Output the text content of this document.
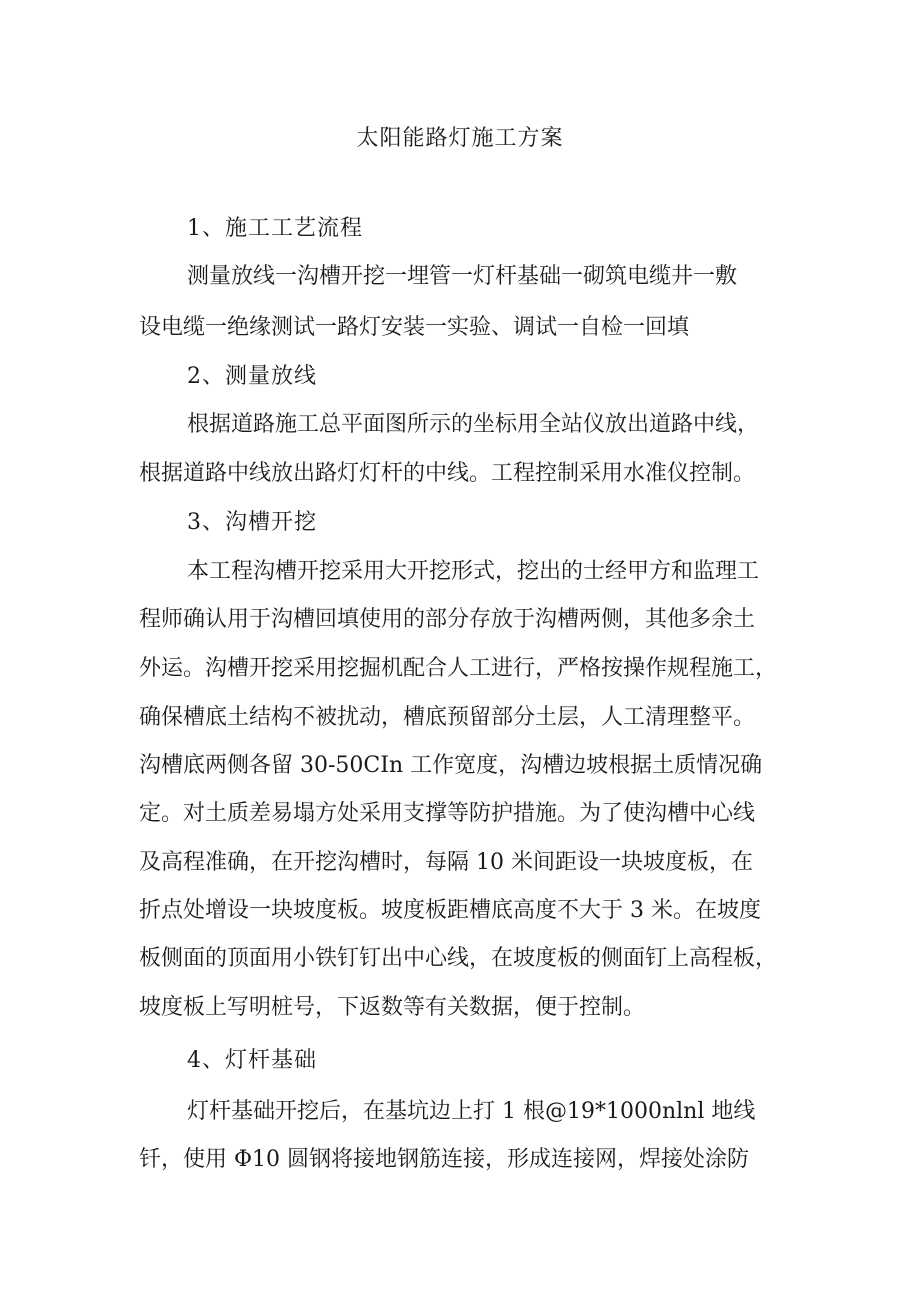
太阳能路灯施工方案
1、施工工艺流程
测量放线一沟槽开挖一埋管一灯杆基础一砌筑电缆井一敷
设电缆一绝缘测试一路灯安装一实验、调试一自检一回填
2、测量放线
根据道路施工总平面图所示的坐标用全站仪放出道路中线，
根据道路中线放出路灯灯杆的中线。工程控制采用水准仪控制。
3、沟槽开挖
本工程沟槽开挖采用大开挖形式，挖出的士经甲方和监理工
程师确认用于沟槽回填使用的部分存放于沟槽两侧，其他多余土
外运。沟槽开挖采用挖掘机配合人工进行，严格按操作规程施工，
确保槽底土结构不被扰动，槽底预留部分土层，人工清理整平。
沟槽底两侧各留 30-50CIn 工作宽度，沟槽边坡根据土质情况确
定。对土质差易塌方处采用支撑等防护措施。为了使沟槽中心线
及高程准确，在开挖沟槽时，每隔 10 米间距设一块坡度板，在
折点处增设一块坡度板。坡度板距槽底高度不大于 3 米。在坡度
板侧面的顶面用小铁钉钉出中心线，在坡度板的侧面钉上高程板，
坡度板上写明桩号，下返数等有关数据，便于控制。
4、灯杆基础
灯杆基础开挖后，在基坑边上打 1 根@19*1000nlnl 地线
钎，使用 Φ10 圆钢将接地钢筋连接，形成连接网，焊接处涂防
